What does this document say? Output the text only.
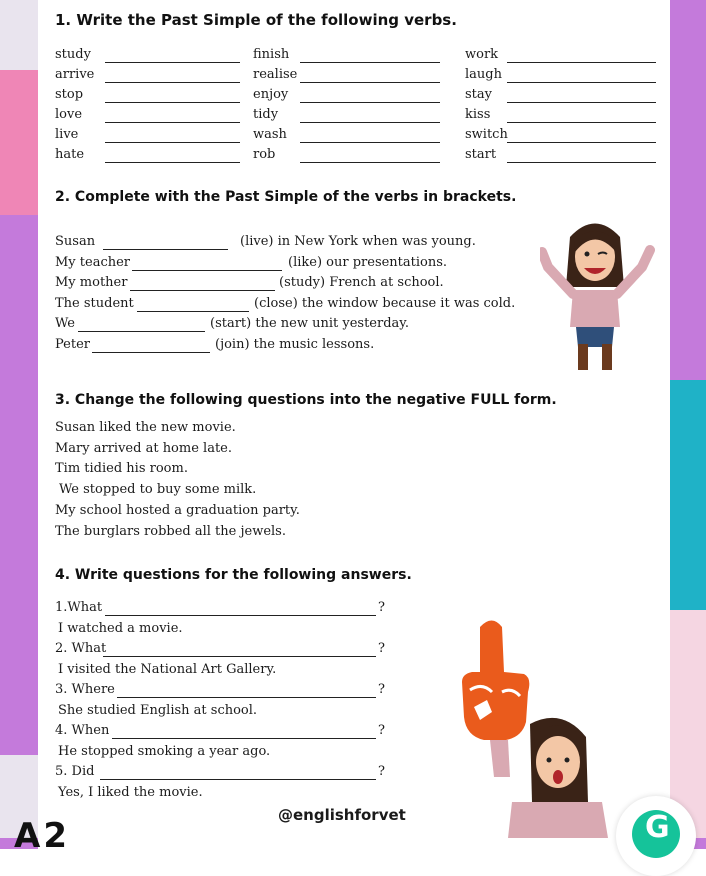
1. Write the Past Simple of the following verbs.
study	finish	work
arrive	realise	laugh
stop	enjoy	stay
love	tidy	kiss
live	wash	switch
hate	rob	start
2. Complete with the Past Simple of the verbs in brackets.
Susan	(live) in New York when was young.
My teacher	(like) our presentations.
My mother	(study) French at school.
The student	(close) the window because it was cold.
We	(start) the new unit yesterday.
Peter	(join) the music lessons.
3. Change the following questions into the negative FULL form.
Susan liked the new movie.
Mary arrived at home late.
Tim tidied his room.
We stopped to buy some milk.
My school hosted a graduation party.
The burglars robbed all the jewels.
4. Write questions for the following answers.
1.What	?
I watched a movie.
2. What	?
I visited the National Art Gallery.
3. Where	?
She studied English at school.
4. When	?
He stopped smoking a year ago.
5. Did	?
Yes, I liked the movie.
@englishforvet
A2	G
